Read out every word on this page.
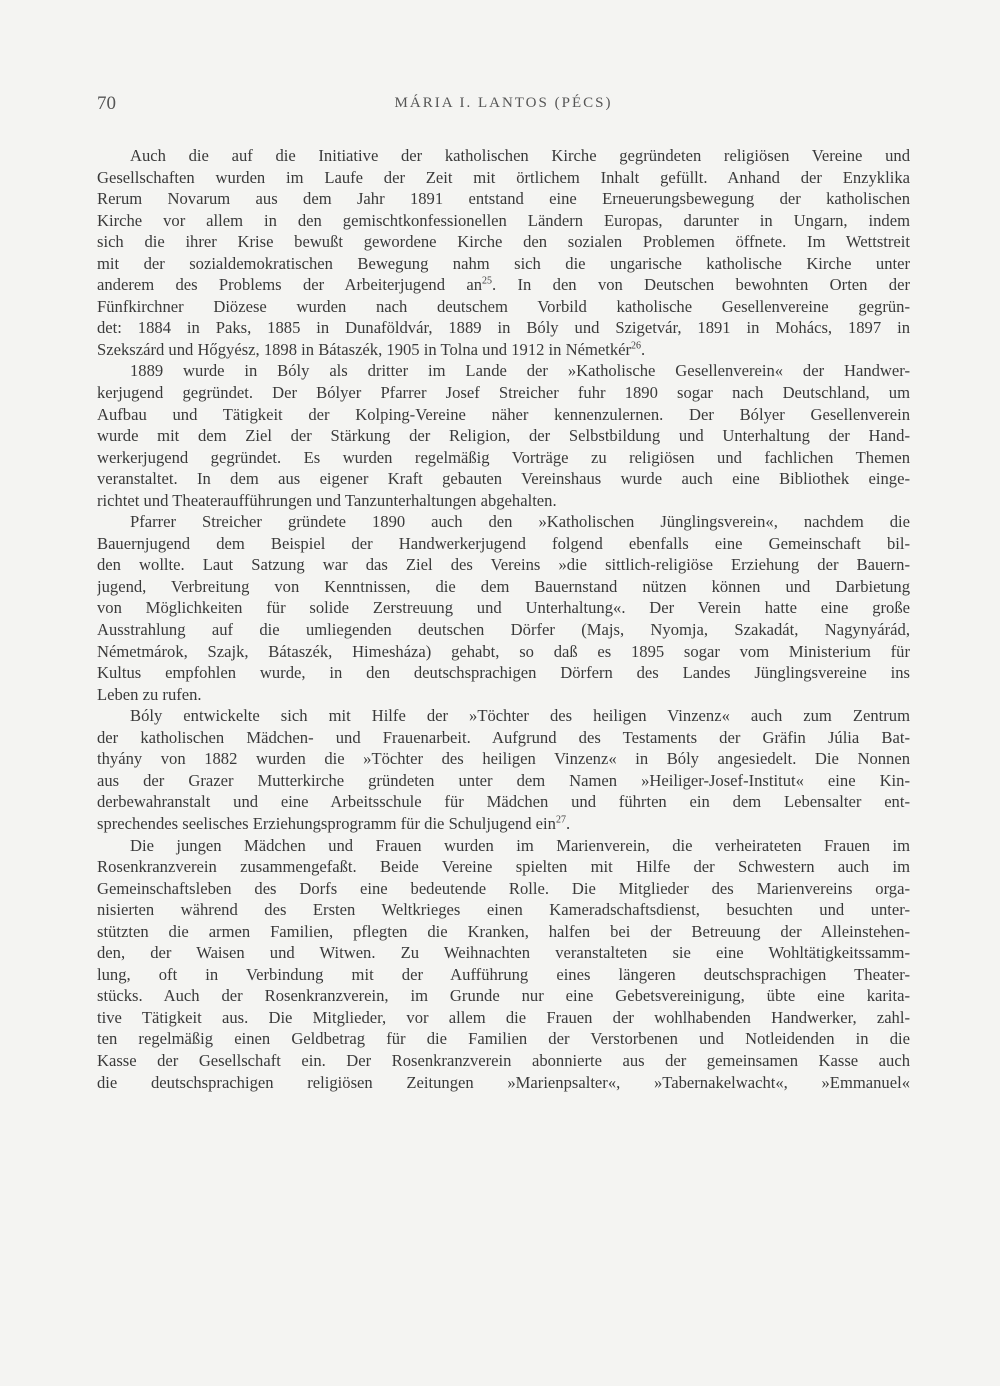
70	MÁRIA I. LANTOS (PÉCS)
Auch die auf die Initiative der katholischen Kirche gegründeten religiösen Vereine und
Gesellschaften wurden im Laufe der Zeit mit örtlichem Inhalt gefüllt. Anhand der Enzyklika
Rerum Novarum aus dem Jahr 1891 entstand eine Erneuerungsbewegung der katholischen
Kirche vor allem in den gemischtkonfessionellen Ländern Europas, darunter in Ungarn, indem
sich die ihrer Krise bewußt gewordene Kirche den sozialen Problemen öffnete. Im Wettstreit
mit der sozialdemokratischen Bewegung nahm sich die ungarische katholische Kirche unter
anderem des Problems der Arbeiterjugend $an^{25}$. In den von Deutschen bewohnten Orten der
Fünfkirchner Diözese wurden nach deutschem Vorbild katholische Gesellenvereine gegrün-
det: 1884 in Paks, 1885 in Dunaföldvár, 1889 in Bóly und Szigetvár, 1891 in Mohács, 1897 in
Szekszárd und Hőgyész, 1898 in Bátaszék, 1905 in Tolna und 1912 in Németkér$^{26}$.
1889 wurde in Bóly als dritter im Lande der »Katholische Gesellenverein« der Handwer-
kerjugend gegründet. Der Bólyer Pfarrer Josef Streicher fuhr 1890 sogar nach Deutschland, um
Aufbau und Tätigkeit der Kolping-Vereine näher kennenzulernen. Der Bólyer Gesellenverein
wurde mit dem Ziel der Stärkung der Religion, der Selbstbildung und Unterhaltung der Hand-
werkerjugend gegründet. Es wurden regelmäßig Vorträge zu religiösen und fachlichen Themen
veranstaltet. In dem aus eigener Kraft gebauten Vereinshaus wurde auch eine Bibliothek einge-
richtet und Theateraufführungen und Tanzunterhaltungen abgehalten.
Pfarrer Streicher gründete 1890 auch den »Katholischen Jünglingsverein«, nachdem die
Bauernjugend dem Beispiel der Handwerkerjugend folgend ebenfalls eine Gemeinschaft bil-
den wollte. Laut Satzung war das Ziel des Vereins »die sittlich-religiöse Erziehung der Bauern-
jugend, Verbreitung von Kenntnissen, die dem Bauernstand nützen können und Darbietung
von Möglichkeiten für solide Zerstreuung und Unterhaltung«. Der Verein hatte eine große
Ausstrahlung auf die umliegenden deutschen Dörfer (Majs, Nyomja, Szakadát, Nagynyárád,
Németmárok, Szajk, Bátaszék, Himesháza) gehabt, so daß es 1895 sogar vom Ministerium für
Kultus empfohlen wurde, in den deutschsprachigen Dörfern des Landes Jünglingsvereine ins
Leben zu rufen.
Bóly entwickelte sich mit Hilfe der »Töchter des heiligen Vinzenz« auch zum Zentrum
der katholischen Mädchen- und Frauenarbeit. Aufgrund des Testaments der Gräfin Júlia Bat-
thyány von 1882 wurden die »Töchter des heiligen Vinzenz« in Bóly angesiedelt. Die Nonnen
aus der Grazer Mutterkirche gründeten unter dem Namen »Heiliger-Josef-Institut« eine Kin-
derbewahranstalt und eine Arbeitsschule für Mädchen und führten ein dem Lebensalter ent-
sprechendes seelisches Erziehungsprogramm für die Schuljugend ein$^{27}$.
Die jungen Mädchen und Frauen wurden im Marienverein, die verheirateten Frauen im
Rosenkranzverein zusammengefaßt. Beide Vereine spielten mit Hilfe der Schwestern auch im
Gemeinschaftsleben des Dorfs eine bedeutende Rolle. Die Mitglieder des Marienvereins orga-
nisierten während des Ersten Weltkrieges einen Kameradschaftsdienst, besuchten und unter-
stützten die armen Familien, pflegten die Kranken, halfen bei der Betreuung der Alleinstehen-
den, der Waisen und Witwen. Zu Weihnachten veranstalteten sie eine Wohltätigkeitssamm-
lung, oft in Verbindung mit der Aufführung eines längeren deutschsprachigen Theater-
stücks. Auch der Rosenkranzverein, im Grunde nur eine Gebetsvereinigung, übte eine karita-
tive Tätigkeit aus. Die Mitglieder, vor allem die Frauen der wohlhabenden Handwerker, zahl-
ten regelmäßig einen Geldbetrag für die Familien der Verstorbenen und Notleidenden in die
Kasse der Gesellschaft ein. Der Rosenkranzverein abonnierte aus der gemeinsamen Kasse auch
die deutschsprachigen religiösen Zeitungen »Marienpsalter«, »Tabernakelwacht«, »Emmanuel«
